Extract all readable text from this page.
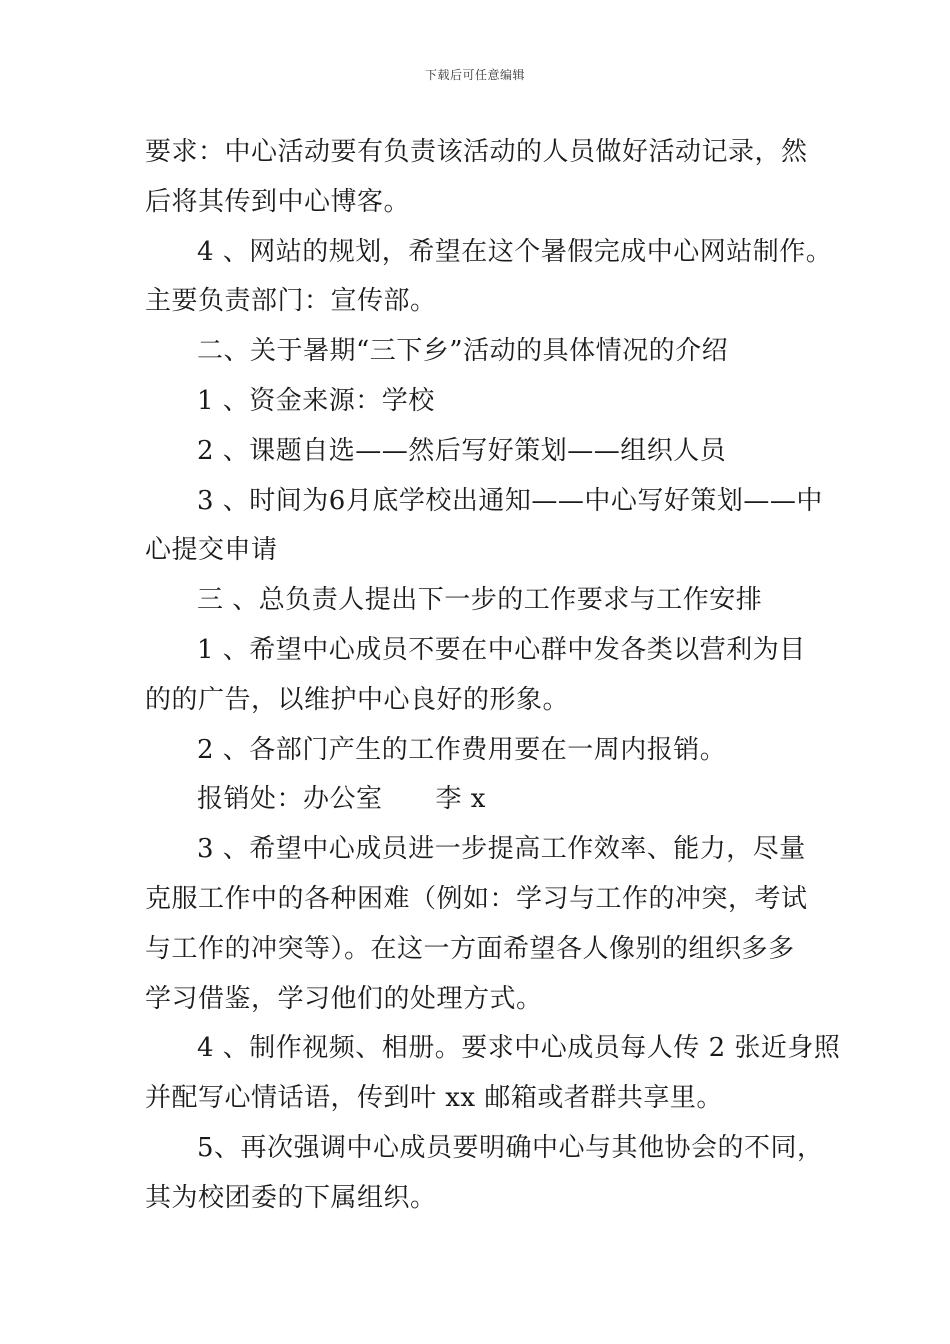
下载后可任意编辑
要求：中心活动要有负责该活动的人员做好活动记录，然
后将其传到中心博客。
4 、网站的规划，希望在这个暑假完成中心网站制作。
主要负责部门：宣传部。
二、关于暑期“三下乡”活动的具体情况的介绍
1 、资金来源：学校
2 、课题自选——然后写好策划——组织人员
3 、时间为6月底学校出通知——中心写好策划——中
心提交申请
三 、总负责人提出下一步的工作要求与工作安排
1 、希望中心成员不要在中心群中发各类以营利为目
的的广告，以维护中心良好的形象。
2 、各部门产生的工作费用要在一周内报销。
报销处：办公室　　李 x
3 、希望中心成员进一步提高工作效率、能力，尽量
克服工作中的各种困难（例如：学习与工作的冲突，考试
与工作的冲突等）。在这一方面希望各人像别的组织多多
学习借鉴，学习他们的处理方式。
4 、制作视频、相册。要求中心成员每人传 2 张近身照
并配写心情话语，传到叶 xx 邮箱或者群共享里。
5、再次强调中心成员要明确中心与其他协会的不同，
其为校团委的下属组织。
